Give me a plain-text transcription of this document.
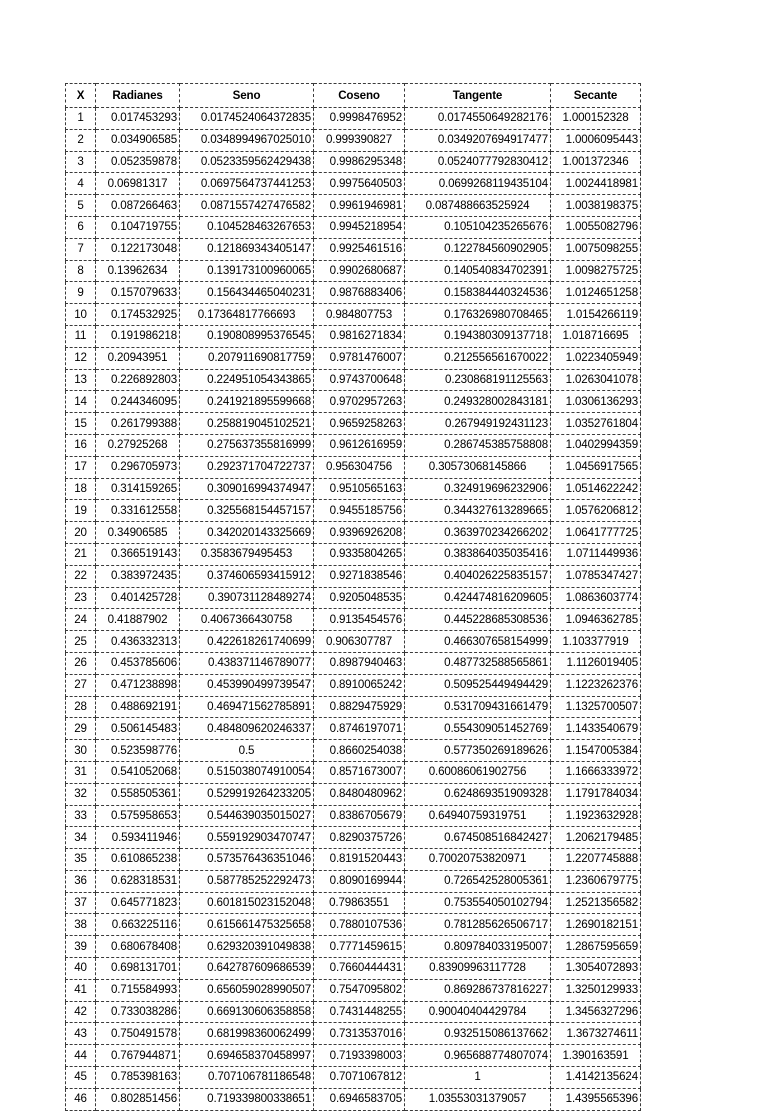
X	Radianes	Seno	Coseno	Tangente	Secante
1	0.017453293	0.0174524064372835	0.9998476952	0.0174550649282176	1.000152328
2	0.034906585	0.0348994967025010	0.999390827	0.0349207694917477	1.0006095443
3	0.052359878	0.0523359562429438	0.9986295348	0.0524077792830412	1.001372346
4	0.06981317	0.0697564737441253	0.9975640503	0.0699268119435104	1.0024418981
5	0.087266463	0.0871557427476582	0.9961946981	0.087488663525924	1.0038198375
6	0.104719755	0.104528463267653	0.9945218954	0.105104235265676	1.0055082796
7	0.122173048	0.121869343405147	0.9925461516	0.122784560902905	1.0075098255
8	0.13962634	0.139173100960065	0.9902680687	0.140540834702391	1.0098275725
9	0.157079633	0.156434465040231	0.9876883406	0.158384440324536	1.0124651258
10	0.174532925	0.17364817766693	0.984807753	0.176326980708465	1.0154266119
11	0.191986218	0.190808995376545	0.9816271834	0.194380309137718	1.018716695
12	0.20943951	0.207911690817759	0.9781476007	0.212556561670022	1.0223405949
13	0.226892803	0.224951054343865	0.9743700648	0.230868191125563	1.0263041078
14	0.244346095	0.241921895599668	0.9702957263	0.249328002843181	1.0306136293
15	0.261799388	0.258819045102521	0.9659258263	0.267949192431123	1.0352761804
16	0.27925268	0.275637355816999	0.9612616959	0.286745385758808	1.0402994359
17	0.296705973	0.292371704722737	0.956304756	0.30573068145866	1.0456917565
18	0.314159265	0.309016994374947	0.9510565163	0.324919696232906	1.0514622242
19	0.331612558	0.325568154457157	0.9455185756	0.344327613289665	1.0576206812
20	0.34906585	0.342020143325669	0.9396926208	0.363970234266202	1.0641777725
21	0.366519143	0.3583679495453	0.9335804265	0.383864035035416	1.0711449936
22	0.383972435	0.374606593415912	0.9271838546	0.404026225835157	1.0785347427
23	0.401425728	0.390731128489274	0.9205048535	0.424474816209605	1.0863603774
24	0.41887902	0.4067366430758	0.9135454576	0.445228685308536	1.0946362785
25	0.436332313	0.422618261740699	0.906307787	0.466307658154999	1.103377919
26	0.453785606	0.438371146789077	0.8987940463	0.487732588565861	1.1126019405
27	0.471238898	0.453990499739547	0.8910065242	0.509525449494429	1.1223262376
28	0.488692191	0.469471562785891	0.8829475929	0.531709431661479	1.1325700507
29	0.506145483	0.484809620246337	0.8746197071	0.554309051452769	1.1433540679
30	0.523598776	0.5	0.8660254038	0.577350269189626	1.1547005384
31	0.541052068	0.515038074910054	0.8571673007	0.60086061902756	1.1666333972
32	0.558505361	0.529919264233205	0.8480480962	0.624869351909328	1.1791784034
33	0.575958653	0.544639035015027	0.8386705679	0.64940759319751	1.1923632928
34	0.593411946	0.559192903470747	0.8290375726	0.674508516842427	1.2062179485
35	0.610865238	0.573576436351046	0.8191520443	0.70020753820971	1.2207745888
36	0.628318531	0.587785252292473	0.8090169944	0.726542528005361	1.2360679775
37	0.645771823	0.601815023152048	0.79863551	0.753554050102794	1.2521356582
38	0.663225116	0.615661475325658	0.7880107536	0.781285626506717	1.2690182151
39	0.680678408	0.629320391049838	0.7771459615	0.809784033195007	1.2867595659
40	0.698131701	0.642787609686539	0.7660444431	0.83909963117728	1.3054072893
41	0.715584993	0.656059028990507	0.7547095802	0.869286737816227	1.3250129933
42	0.733038286	0.669130606358858	0.7431448255	0.90040404429784	1.3456327296
43	0.750491578	0.681998360062499	0.7313537016	0.932515086137662	1.3673274611
44	0.767944871	0.694658370458997	0.7193398003	0.965688774807074	1.390163591
45	0.785398163	0.707106781186548	0.7071067812	1	1.4142135624
46	0.802851456	0.719339800338651	0.6946583705	1.03553031379057	1.4395565396
